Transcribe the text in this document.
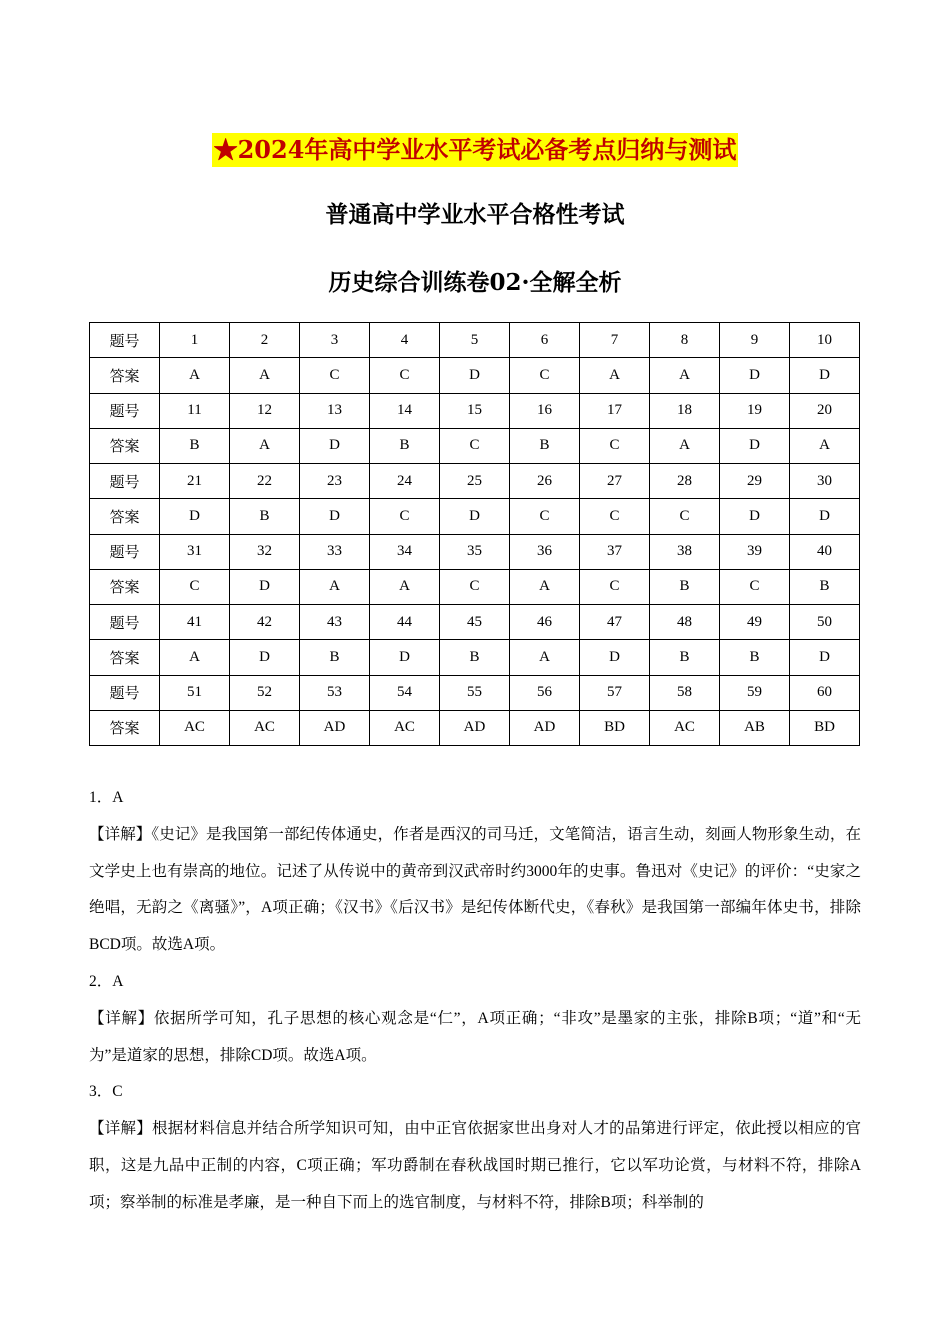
★2024年高中学业水平考试必备考点归纳与测试
普通高中学业水平合格性考试
历史综合训练卷02·全解全析
题号	1	2	3	4	5	6	7	8	9	10
答案	A	A	C	C	D	C	A	A	D	D
题号	11	12	13	14	15	16	17	18	19	20
答案	B	A	D	B	C	B	C	A	D	A
题号	21	22	23	24	25	26	27	28	29	30
答案	D	B	D	C	D	C	C	C	D	D
题号	31	32	33	34	35	36	37	38	39	40
答案	C	D	A	A	C	A	C	B	C	B
题号	41	42	43	44	45	46	47	48	49	50
答案	A	D	B	D	B	A	D	B	B	D
题号	51	52	53	54	55	56	57	58	59	60
答案	AC	AC	AD	AC	AD	AD	BD	AC	AB	BD

1．A

【详解】《史记》是我国第一部纪传体通史，作者是西汉的司马迁，文笔简洁，语言生动，刻画人物形象生动，在文学史上也有崇高的地位。记述了从传说中的黄帝到汉武帝时约3000年的史事。鲁迅对《史记》的评价：“史家之绝唱，无韵之《离骚》”，A项正确；《汉书》《后汉书》是纪传体断代史，《春秋》是我国第一部编年体史书，排除BCD项。故选A项。

2．A

【详解】依据所学可知，孔子思想的核心观念是“仁”，A项正确；“非攻”是墨家的主张，排除B项；“道”和“无为”是道家的思想，排除CD项。故选A项。

3．C

【详解】根据材料信息并结合所学知识可知，由中正官依据家世出身对人才的品第进行评定，依此授以相应的官职，这是九品中正制的内容，C项正确；军功爵制在春秋战国时期已推行，它以军功论赏，与材料不符，排除A项；察举制的标准是孝廉，是一种自下而上的选官制度，与材料不符，排除B项；科举制的
